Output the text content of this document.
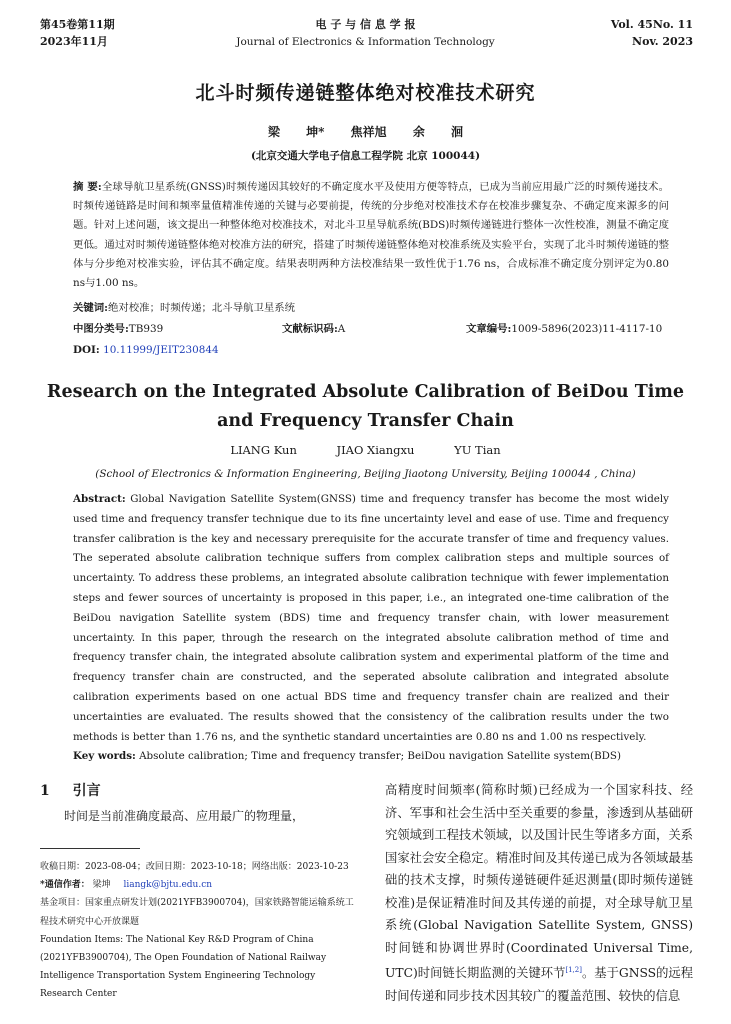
第45卷第11期
2023年11月
电 子 与 信 息 学 报
Journal of Electronics & Information Technology
Vol. 45No. 11
Nov. 2023
北斗时频传递链整体绝对校准技术研究
梁 坤* 焦祥旭 余 洄
(北京交通大学电子信息工程学院 北京 100044)
摘 要:全球导航卫星系统(GNSS)时频传递因其较好的不确定度水平及使用方便等特点，已成为当前应用最广泛的时频传递技术。时频传递链路是时间和频率量值精准传递的关键与必要前提，传统的分步绝对校准技术存在校准步骤复杂、不确定度来源多的问题。针对上述问题，该文提出一种整体绝对校准技术，对北斗卫星导航系统(BDS)时频传递链进行整体一次性校准，测量不确定度更低。通过对时频传递链整体绝对校准方法的研究，搭建了时频传递链整体绝对校准系统及实验平台，实现了北斗时频传递链的整体与分步绝对校准实验，评估其不确定度。结果表明两种方法校准结果一致性优于1.76 ns，合成标准不确定度分别评定为0.80 ns与1.00 ns。
关键词:绝对校准；时频传递；北斗导航卫星系统
中图分类号:TB939	文献标识码:A	文章编号:1009-5896(2023)11-4117-10
DOI: 10.11999/JEIT230844
Research on the Integrated Absolute Calibration of BeiDou Time and Frequency Transfer Chain
LIANG Kun	JIAO Xiangxu	YU Tian
(School of Electronics & Information Engineering, Beijing Jiaotong University, Beijing 100044 , China)
Abstract: Global Navigation Satellite System(GNSS) time and frequency transfer has become the most widely used time and frequency transfer technique due to its fine uncertainty level and ease of use. Time and frequency transfer calibration is the key and necessary prerequisite for the accurate transfer of time and frequency values. The seperated absolute calibration technique suffers from complex calibration steps and multiple sources of uncertainty. To address these problems, an integrated absolute calibration technique with fewer implementation steps and fewer sources of uncertainty is proposed in this paper, i.e., an integrated one-time calibration of the BeiDou navigation Satellite system (BDS) time and frequency transfer chain, with lower measurement uncertainty. In this paper, through the research on the integrated absolute calibration method of time and frequency transfer chain, the integrated absolute calibration system and experimental platform of the time and frequency transfer chain are constructed, and the seperated absolute calibration and integrated absolute calibration experiments based on one actual BDS time and frequency transfer chain are realized and their uncertainties are evaluated. The results showed that the consistency of the calibration results under the two methods is better than 1.76 ns, and the synthetic standard uncertainties are 0.80 ns and 1.00 ns respectively.
Key words: Absolute calibration; Time and frequency transfer; BeiDou navigation Satellite system(BDS)
1 引言
时间是当前准确度最高、应用最广的物理量，
收稿日期：2023-08-04；改回日期：2023-10-18；网络出版：2023-10-23
*通信作者： 梁坤 liangk@bjtu.edu.cn
基金项目：国家重点研发计划(2021YFB3900704)，国家铁路智能运输系统工程技术研究中心开放课题
Foundation Items: The National Key R&D Program of China (2021YFB3900704), The Open Foundation of National Railway Intelligence Transportation System Engineering Technology Research Center
高精度时间频率(简称时频)已经成为一个国家科技、经济、军事和社会生活中至关重要的参量，渗透到从基础研究领域到工程技术领域，以及国计民生等诸多方面，关系国家社会安全稳定。精准时间及其传递已成为各领域最基础的技术支撑，时频传递链硬件延迟测量(即时频传递链校准)是保证精准时间及其传递的前提，对全球导航卫星系统(Global Navigation Satellite System, GNSS)时间链和协调世界时(Coordinated Universal Time, UTC)时间链长期监测的关键环节[1,2]。基于GNSS的远程时间传递和同步技术因其较广的覆盖范围、较快的信息
